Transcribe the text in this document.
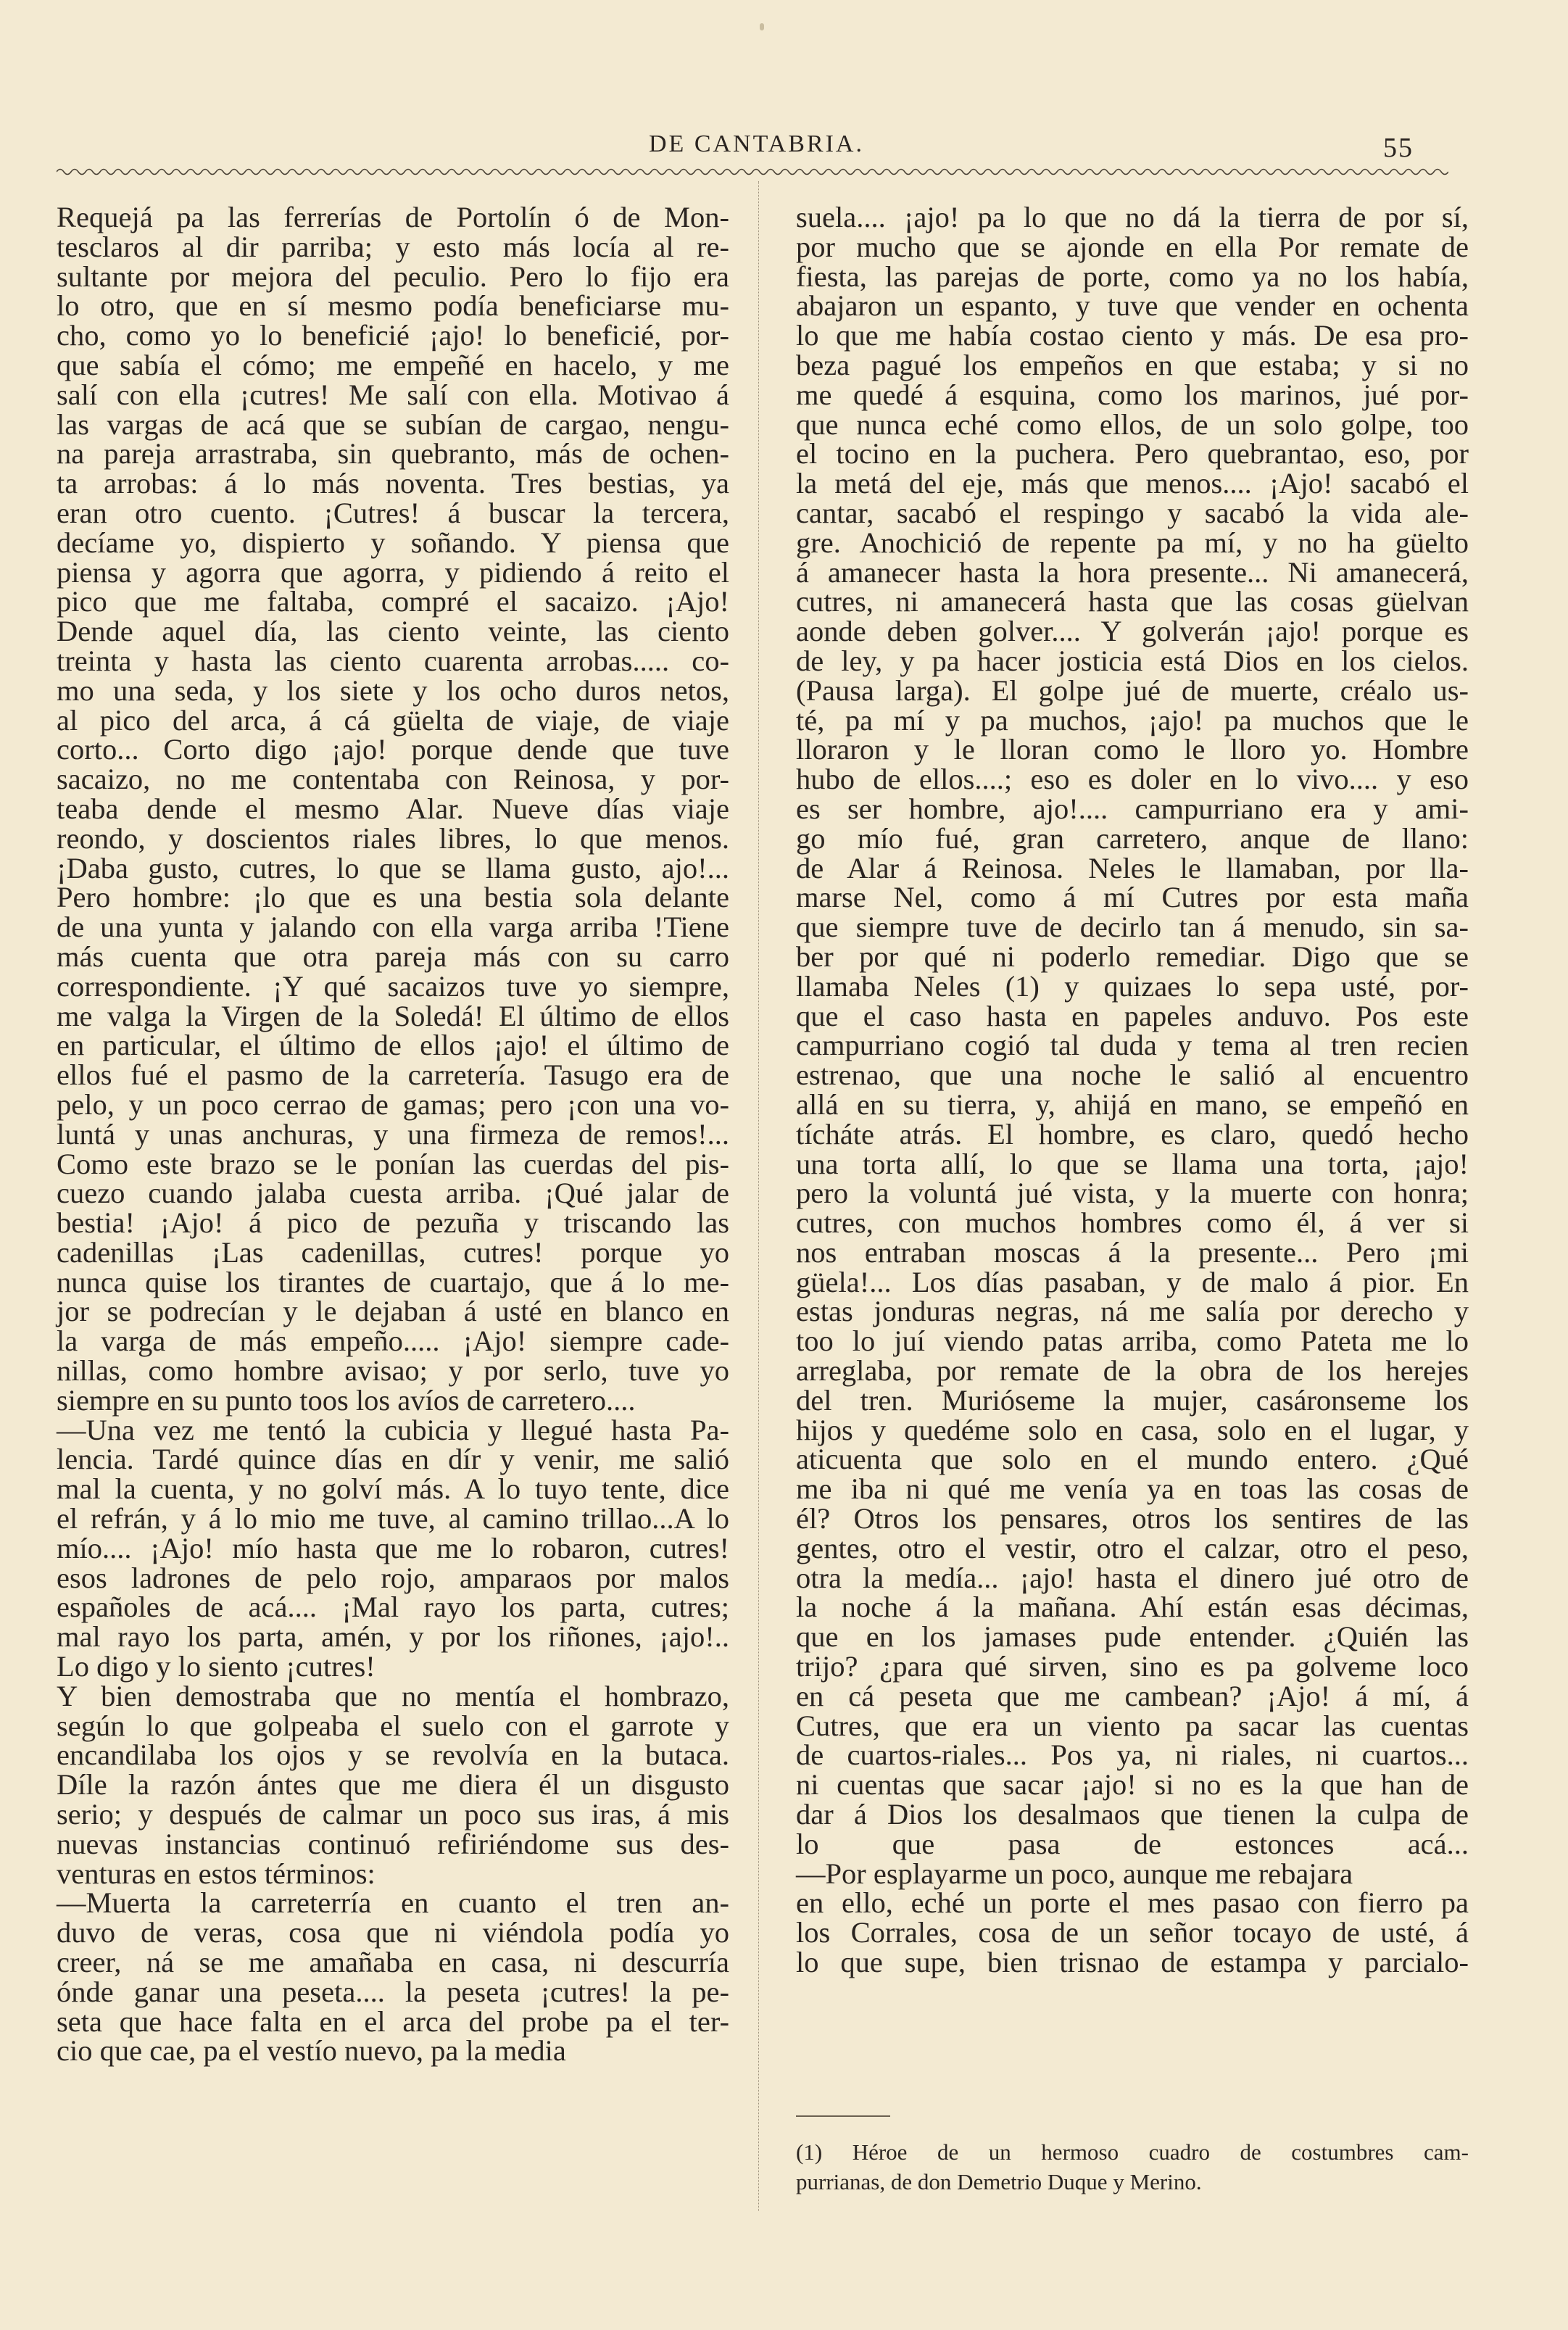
DE CANTABRIA.	55
Requejá pa las ferrerías de Portolín ó de Mon-
tesclaros al dir parriba; y esto más locía al re-
sultante por mejora del peculio. Pero lo fijo era
lo otro, que en sí mesmo podía beneficiarse mu-
cho, como yo lo beneficié ¡ajo! lo beneficié, por-
que sabía el cómo; me empeñé en hacelo, y me
salí con ella ¡cutres! Me salí con ella. Motivao á
las vargas de acá que se subían de cargao, nengu-
na pareja arrastraba, sin quebranto, más de ochen-
ta arrobas: á lo más noventa. Tres bestias, ya
eran otro cuento. ¡Cutres! á buscar la tercera,
decíame yo, dispierto y soñando. Y piensa que
piensa y agorra que agorra, y pidiendo á reito el
pico que me faltaba, compré el sacaizo. ¡Ajo!
Dende aquel día, las ciento veinte, las ciento
treinta y hasta las ciento cuarenta arrobas..... co-
mo una seda, y los siete y los ocho duros netos,
al pico del arca, á cá güelta de viaje, de viaje
corto... Corto digo ¡ajo! porque dende que tuve
sacaizo, no me contentaba con Reinosa, y por-
teaba dende el mesmo Alar. Nueve días viaje
reondo, y doscientos riales libres, lo que menos.
¡Daba gusto, cutres, lo que se llama gusto, ajo!...
Pero hombre: ¡lo que es una bestia sola delante
de una yunta y jalando con ella varga arriba !Tiene
más cuenta que otra pareja más con su carro
correspondiente. ¡Y qué sacaizos tuve yo siempre,
me valga la Virgen de la Soledá! El último de ellos
en particular, el último de ellos ¡ajo! el último de
ellos fué el pasmo de la carretería. Tasugo era de
pelo, y un poco cerrao de gamas; pero ¡con una vo-
luntá y unas anchuras, y una firmeza de remos!...
Como este brazo se le ponían las cuerdas del pis-
cuezo cuando jalaba cuesta arriba. ¡Qué jalar de
bestia! ¡Ajo! á pico de pezuña y triscando las
cadenillas ¡Las cadenillas, cutres! porque yo
nunca quise los tirantes de cuartajo, que á lo me-
jor se podrecían y le dejaban á usté en blanco en
la varga de más empeño..... ¡Ajo! siempre cade-
nillas, como hombre avisao; y por serlo, tuve yo
siempre en su punto toos los avíos de carretero....
—Una vez me tentó la cubicia y llegué hasta Pa-
lencia. Tardé quince días en dír y venir, me salió
mal la cuenta, y no golví más. A lo tuyo tente, dice
el refrán, y á lo mio me tuve, al camino trillao...A lo
mío.... ¡Ajo! mío hasta que me lo robaron, cutres!
esos ladrones de pelo rojo, amparaos por malos
españoles de acá.... ¡Mal rayo los parta, cutres;
mal rayo los parta, amén, y por los riñones, ¡ajo!..
Lo digo y lo siento ¡cutres!
Y bien demostraba que no mentía el hombrazo,
según lo que golpeaba el suelo con el garrote y
encandilaba los ojos y se revolvía en la butaca.
Díle la razón ántes que me diera él un disgusto
serio; y después de calmar un poco sus iras, á mis
nuevas instancias continuó refiriéndome sus des-
venturas en estos términos:
—Muerta la carreterría en cuanto el tren an-
duvo de veras, cosa que ni viéndola podía yo
creer, ná se me amañaba en casa, ni descurría
ónde ganar una peseta.... la peseta ¡cutres! la pe-
seta que hace falta en el arca del probe pa el ter-
cio que cae, pa el vestío nuevo, pa la media
suela.... ¡ajo! pa lo que no dá la tierra de por sí,
por mucho que se ajonde en ella Por remate de
fiesta, las parejas de porte, como ya no los había,
abajaron un espanto, y tuve que vender en ochenta
lo que me había costao ciento y más. De esa pro-
beza pagué los empeños en que estaba; y si no
me quedé á esquina, como los marinos, jué por-
que nunca eché como ellos, de un solo golpe, too
el tocino en la puchera. Pero quebrantao, eso, por
la metá del eje, más que menos.... ¡Ajo! sacabó el
cantar, sacabó el respingo y sacabó la vida ale-
gre. Anochició de repente pa mí, y no ha güelto
á amanecer hasta la hora presente... Ni amanecerá,
cutres, ni amanecerá hasta que las cosas güelvan
aonde deben golver.... Y golverán ¡ajo! porque es
de ley, y pa hacer josticia está Dios en los cielos.
(Pausa larga). El golpe jué de muerte, créalo us-
té, pa mí y pa muchos, ¡ajo! pa muchos que le
lloraron y le lloran como le lloro yo. Hombre
hubo de ellos....; eso es doler en lo vivo.... y eso
es ser hombre, ajo!.... campurriano era y ami-
go mío fué, gran carretero, anque de llano:
de Alar á Reinosa. Neles le llamaban, por lla-
marse Nel, como á mí Cutres por esta maña
que siempre tuve de decirlo tan á menudo, sin sa-
ber por qué ni poderlo remediar. Digo que se
llamaba Neles (1) y quizaes lo sepa usté, por-
que el caso hasta en papeles anduvo. Pos este
campurriano cogió tal duda y tema al tren recien
estrenao, que una noche le salió al encuentro
allá en su tierra, y, ahijá en mano, se empeñó en
tícháte atrás. El hombre, es claro, quedó hecho
una torta allí, lo que se llama una torta, ¡ajo!
pero la voluntá jué vista, y la muerte con honra;
cutres, con muchos hombres como él, á ver si
nos entraban moscas á la presente... Pero ¡mi
güela!... Los días pasaban, y de malo á pior. En
estas jonduras negras, ná me salía por derecho y
too lo juí viendo patas arriba, como Pateta me lo
arreglaba, por remate de la obra de los herejes
del tren. Murióseme la mujer, casáronseme los
hijos y quedéme solo en casa, solo en el lugar, y
aticuenta que solo en el mundo entero. ¿Qué
me iba ni qué me venía ya en toas las cosas de
él? Otros los pensares, otros los sentires de las
gentes, otro el vestir, otro el calzar, otro el peso,
otra la medía... ¡ajo! hasta el dinero jué otro de
la noche á la mañana. Ahí están esas décimas,
que en los jamases pude entender. ¿Quién las
trijo? ¿para qué sirven, sino es pa golveme loco
en cá peseta que me cambean? ¡Ajo! á mí, á
Cutres, que era un viento pa sacar las cuentas
de cuartos-riales... Pos ya, ni riales, ni cuartos...
ni cuentas que sacar ¡ajo! si no es la que han de
dar á Dios los desalmaos que tienen la culpa de
lo que pasa de estonces acá...
—Por esplayarme un poco, aunque me rebajara
en ello, eché un porte el mes pasao con fierro pa
los Corrales, cosa de un señor tocayo de usté, á
lo que supe, bien trisnao de estampa y parcialo-
(1) Héroe de un hermoso cuadro de costumbres cam-
purrianas, de don Demetrio Duque y Merino.
